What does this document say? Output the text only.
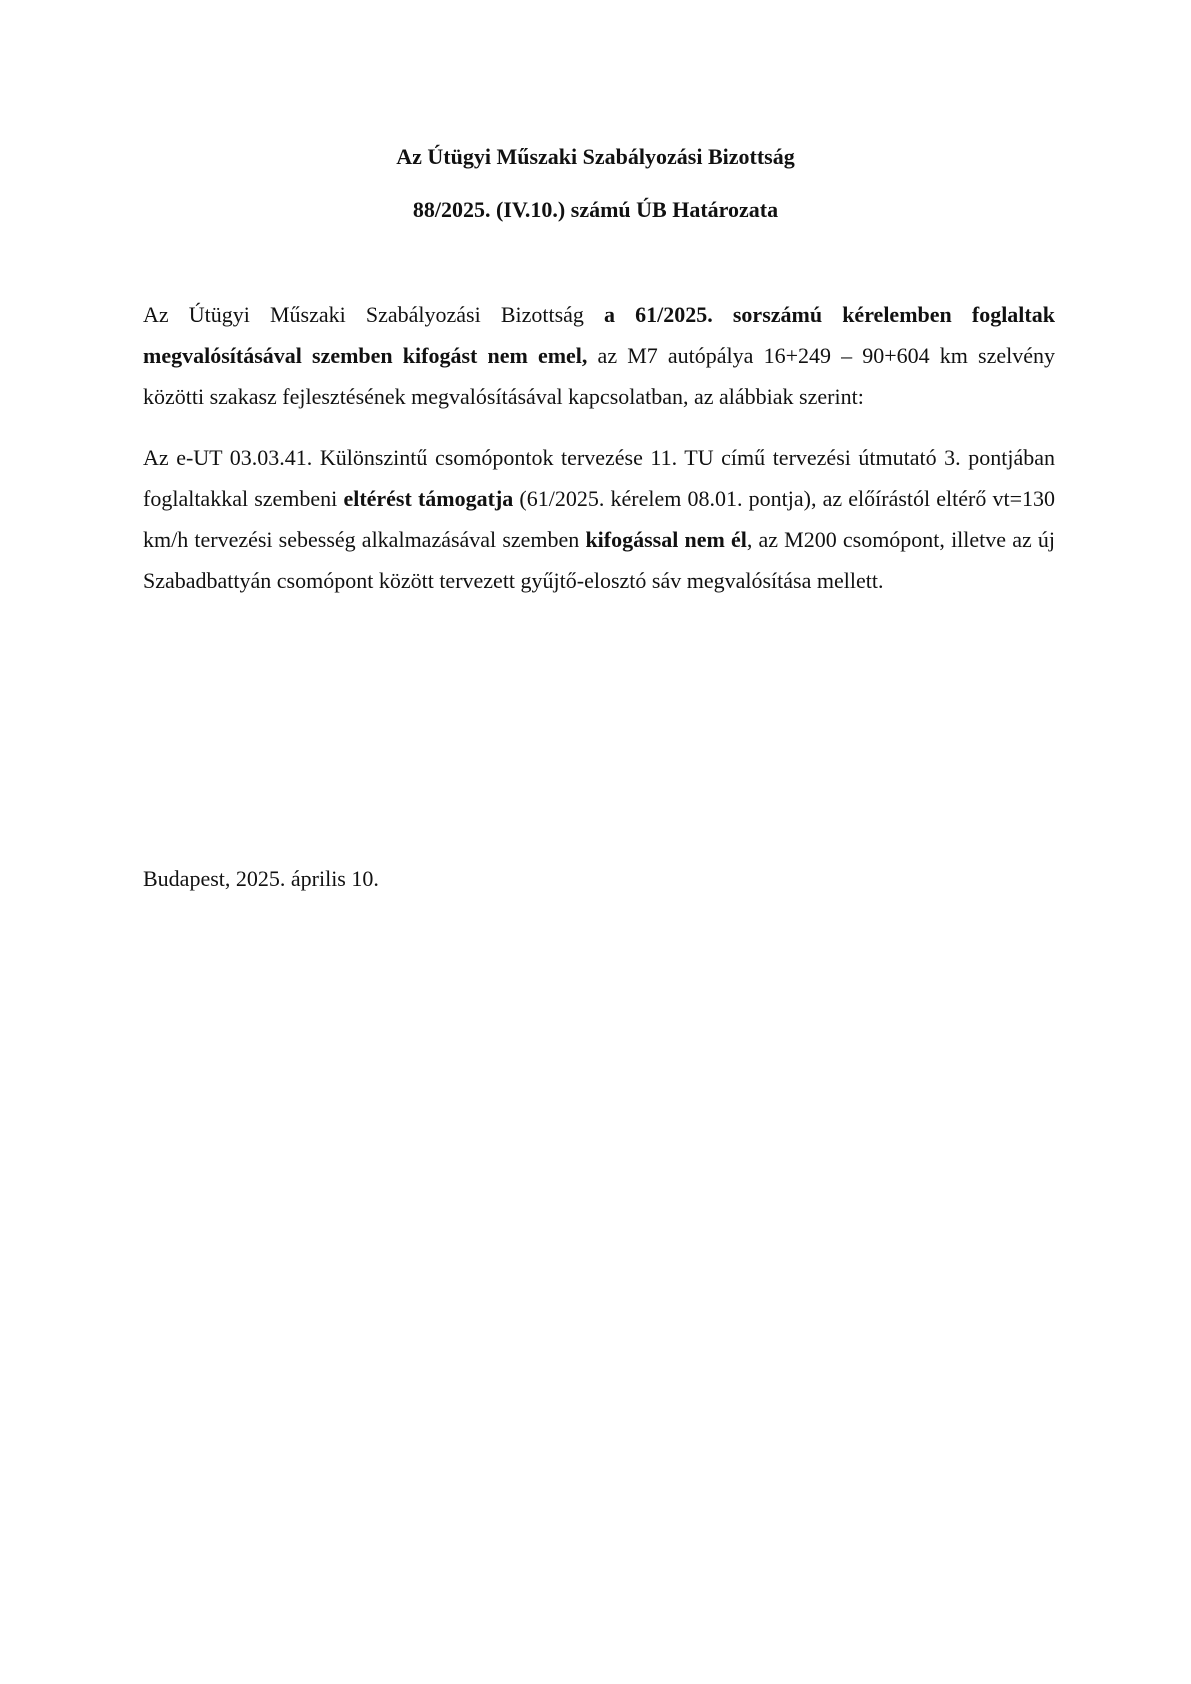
Az Útügyi Műszaki Szabályozási Bizottság
88/2025. (IV.10.) számú ÚB Határozata

Az Útügyi Műszaki Szabályozási Bizottság a 61/2025. sorszámú kérelemben foglaltak megvalósításával szemben kifogást nem emel, az M7 autópálya 16+249 – 90+604 km szelvény közötti szakasz fejlesztésének megvalósításával kapcsolatban, az alábbiak szerint:

Az e-UT 03.03.41. Különszintű csomópontok tervezése 11. TU című tervezési útmutató 3. pontjában foglaltakkal szembeni eltérést támogatja (61/2025. kérelem 08.01. pontja), az előírástól eltérő vt=130 km/h tervezési sebesség alkalmazásával szemben kifogással nem él, az M200 csomópont, illetve az új Szabadbattyán csomópont között tervezett gyűjtő-elosztó sáv megvalósítása mellett.

Budapest, 2025. április 10.
